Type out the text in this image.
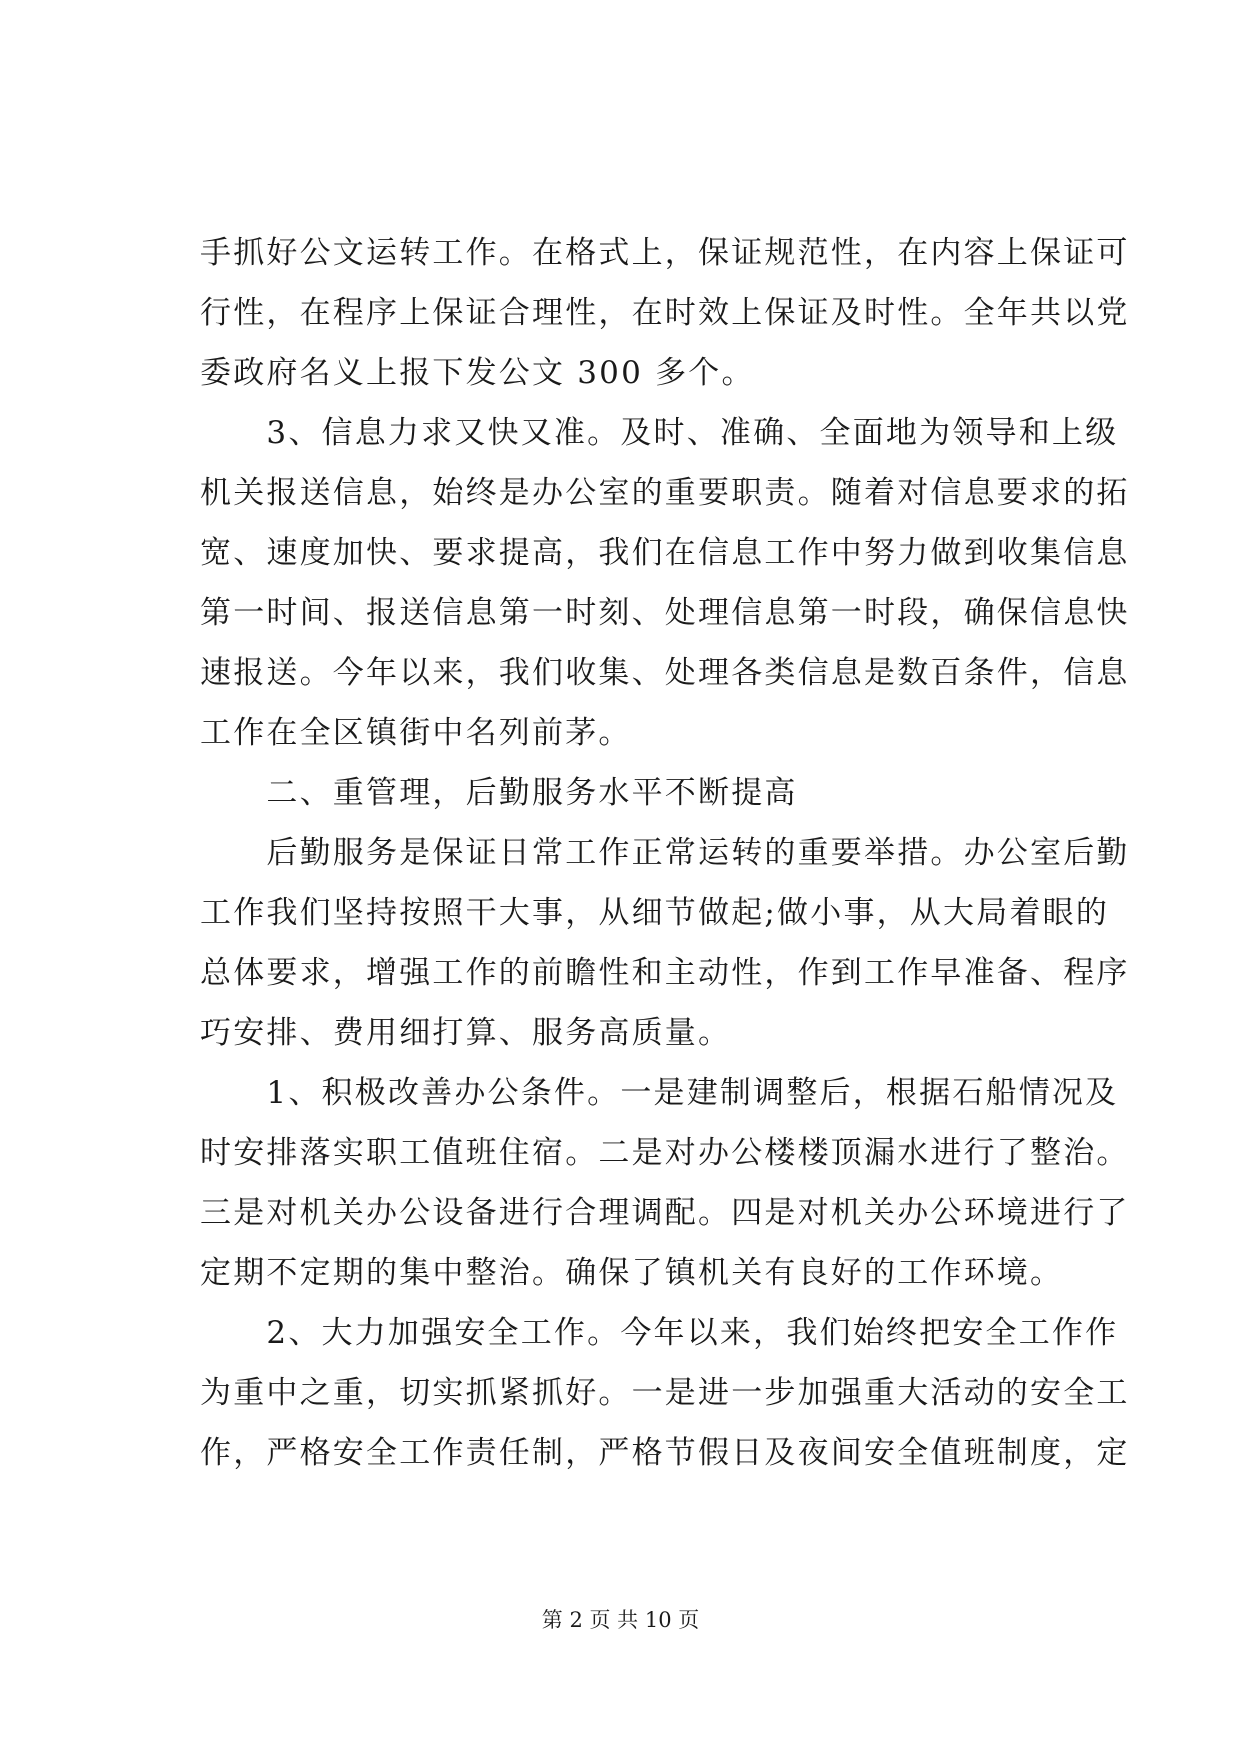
手抓好公文运转工作。在格式上，保证规范性，在内容上保证可
行性，在程序上保证合理性，在时效上保证及时性。全年共以党
委政府名义上报下发公文 300 多个。
　　3、信息力求又快又准。及时、准确、全面地为领导和上级
机关报送信息，始终是办公室的重要职责。随着对信息要求的拓
宽、速度加快、要求提高，我们在信息工作中努力做到收集信息
第一时间、报送信息第一时刻、处理信息第一时段，确保信息快
速报送。今年以来，我们收集、处理各类信息是数百条件，信息
工作在全区镇街中名列前茅。
　　二、重管理，后勤服务水平不断提高
　　后勤服务是保证日常工作正常运转的重要举措。办公室后勤
工作我们坚持按照干大事，从细节做起;做小事，从大局着眼的
总体要求，增强工作的前瞻性和主动性，作到工作早准备、程序
巧安排、费用细打算、服务高质量。
　　1、积极改善办公条件。一是建制调整后，根据石船情况及
时安排落实职工值班住宿。二是对办公楼楼顶漏水进行了整治。
三是对机关办公设备进行合理调配。四是对机关办公环境进行了
定期不定期的集中整治。确保了镇机关有良好的工作环境。
　　2、大力加强安全工作。今年以来，我们始终把安全工作作
为重中之重，切实抓紧抓好。一是进一步加强重大活动的安全工
作，严格安全工作责任制，严格节假日及夜间安全值班制度，定
第 2 页 共 10 页
